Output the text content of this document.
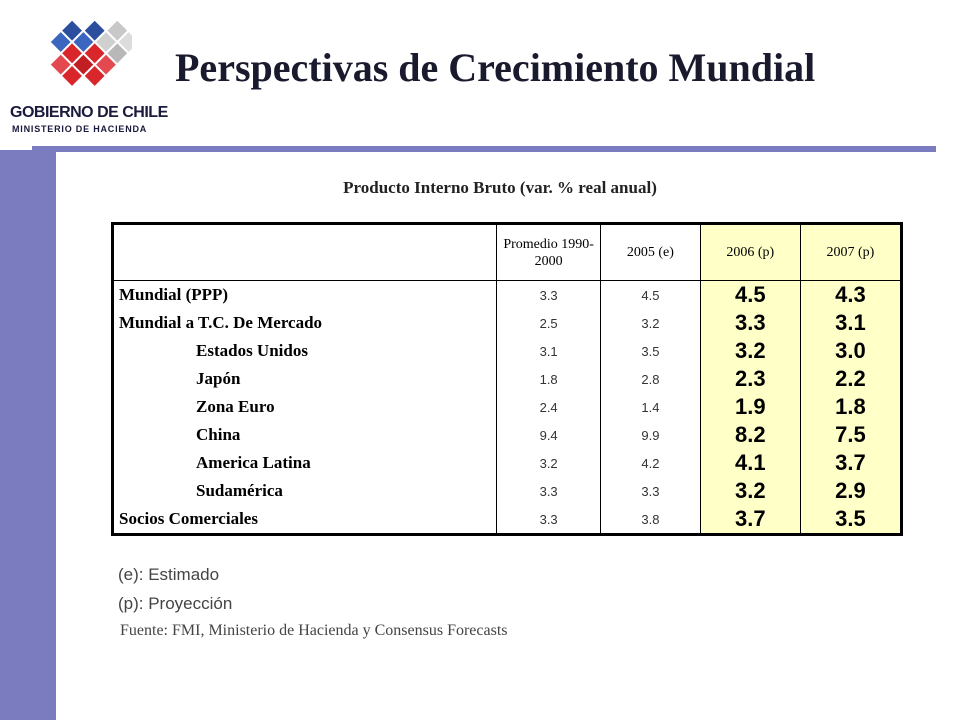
GOBIERNO DE CHILE
MINISTERIO DE HACIENDA
Perspectivas de Crecimiento Mundial
Producto Interno Bruto (var. % real anual)
	Promedio 1990-2000	2005 (e)	2006 (p)	2007 (p)
Mundial (PPP)	3.3	4.5	4.5	4.3
Mundial a T.C. De Mercado	2.5	3.2	3.3	3.1
Estados Unidos	3.1	3.5	3.2	3.0
Japón	1.8	2.8	2.3	2.2
Zona Euro	2.4	1.4	1.9	1.8
China	9.4	9.9	8.2	7.5
America Latina	3.2	4.2	4.1	3.7
Sudamérica	3.3	3.3	3.2	2.9
Socios Comerciales	3.3	3.8	3.7	3.5
(e): Estimado
(p): Proyección
Fuente: FMI, Ministerio de Hacienda y Consensus Forecasts
